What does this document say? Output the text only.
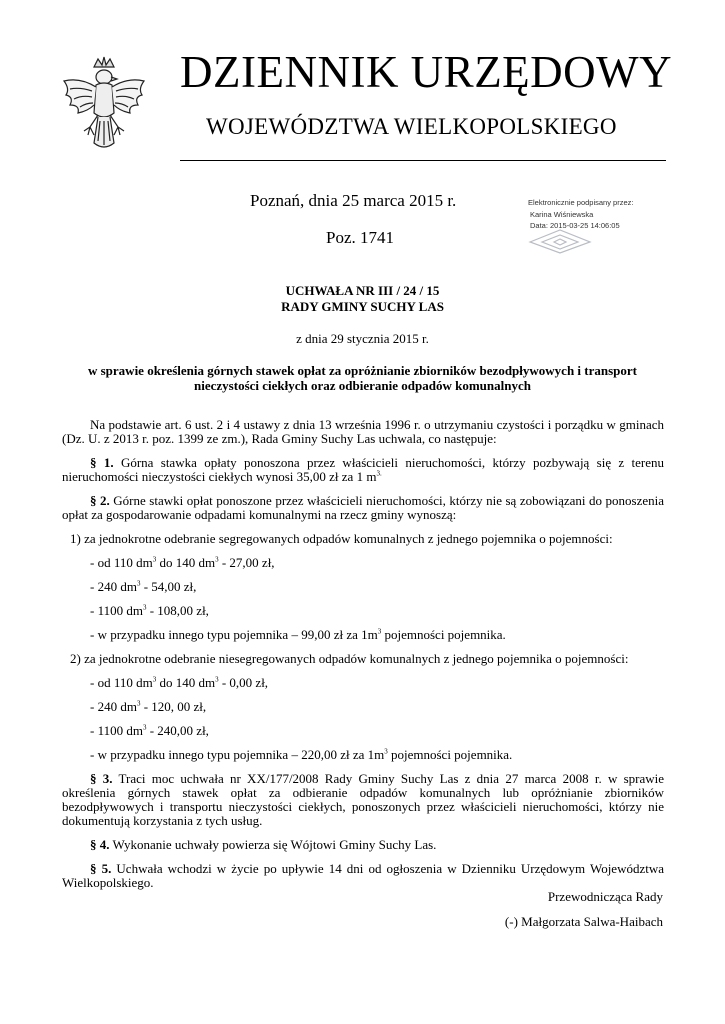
DZIENNIK URZĘDOWY
WOJEWÓDZTWA WIELKOPOLSKIEGO
Poznań, dnia 25 marca 2015 r.
Poz. 1741
Elektronicznie podpisany przez:
Karina Wiśniewska
Data: 2015-03-25 14:06:05
UCHWAŁA NR III / 24 / 15
RADY GMINY SUCHY LAS
z dnia 29 stycznia 2015 r.
w sprawie określenia górnych stawek opłat za opróżnianie zbiorników bezodpływowych i transport
nieczystości ciekłych oraz odbieranie odpadów komunalnych

Na podstawie art. 6 ust. 2 i 4 ustawy z dnia 13 września 1996 r. o utrzymaniu czystości i porządku w gminach (Dz. U. z 2013 r. poz. 1399 ze zm.), Rada Gminy Suchy Las uchwala, co następuje:

§ 1. Górna stawka opłaty ponoszona przez właścicieli nieruchomości, którzy pozbywają się z terenu nieruchomości nieczystości ciekłych wynosi 35,00 zł za 1 $m^{3.}$

§ 2. Górne stawki opłat ponoszone przez właścicieli nieruchomości, którzy nie są zobowiązani do ponoszenia opłat za gospodarowanie odpadami komunalnymi na rzecz gminy wynoszą:

1) za jednokrotne odebranie segregowanych odpadów komunalnych z jednego pojemnika o pojemności:

- od 110 $dm^3$ do 140 $dm^3 - 27,00$ zł,

- 240 $dm^3 - 54,00$ zł,

- 1100 $dm^3 - 108,00$ zł,

- w przypadku innego typu pojemnika – 99,00 zł za $1m^3$ pojemności pojemnika.

2) za jednokrotne odebranie niesegregowanych odpadów komunalnych z jednego pojemnika o pojemności:

- od 110 $dm^3$ do 140 $dm^3 - 0,00$ zł,

- 240 $dm^3 - 120$, 00 zł,

- 1100 $dm^3 - 240,00$ zł,

- w przypadku innego typu pojemnika – 220,00 zł za $1m^3$ pojemności pojemnika.

§ 3. Traci moc uchwała nr XX/177/2008 Rady Gminy Suchy Las z dnia 27 marca 2008 r. w sprawie określenia górnych stawek opłat za odbieranie odpadów komunalnych lub opróżnianie zbiorników bezodpływowych i transportu nieczystości ciekłych, ponoszonych przez właścicieli nieruchomości, którzy nie dokumentują korzystania z tych usług.

§ 4. Wykonanie uchwały powierza się Wójtowi Gminy Suchy Las.

§ 5. Uchwała wchodzi w życie po upływie 14 dni od ogłoszenia w Dzienniku Urzędowym Województwa Wielkopolskiego.

Przewodnicząca Rady
(-) Małgorzata Salwa-Haibach
